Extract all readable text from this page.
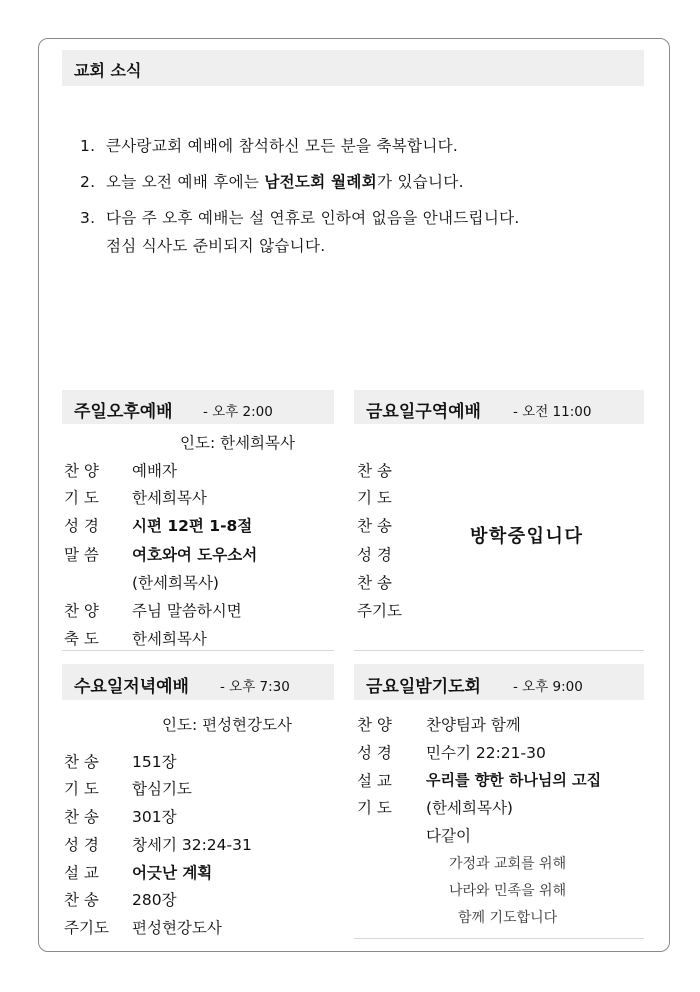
교회 소식
1. 큰사랑교회 예배에 참석하신 모든 분을 축복합니다.
2. 오늘 오전 예배 후에는 남전도회 월례회가 있습니다.
3. 다음 주 오후 예배는 설 연휴로 인하여 없음을 안내드립니다.
점심 식사도 준비되지 않습니다.
주일오후예배 - 오후 2:00
인도: 한세희목사
찬 양 예배자
기 도 한세희목사
성 경 시편 12편 1-8절
말 씀 여호와여 도우소서
(한세희목사)
찬 양 주님 말씀하시면
축 도 한세희목사
금요일구역예배 - 오전 11:00
찬 송
기 도
찬 송
성 경
찬 송
주기도
방학중입니다
수요일저녁예배 - 오후 7:30
인도: 편성현강도사
찬 송 151장
기 도 합심기도
찬 송 301장
성 경 창세기 32:24-31
설 교 어긋난 계획
찬 송 280장
주기도 편성현강도사
금요일밤기도회 - 오후 9:00
찬 양 찬양팀과 함께
성 경 민수기 22:21-30
설 교 우리를 향한 하나님의 고집
기 도 (한세희목사)
다같이
가정과 교회를 위해
나라와 민족을 위해
함께 기도합니다
